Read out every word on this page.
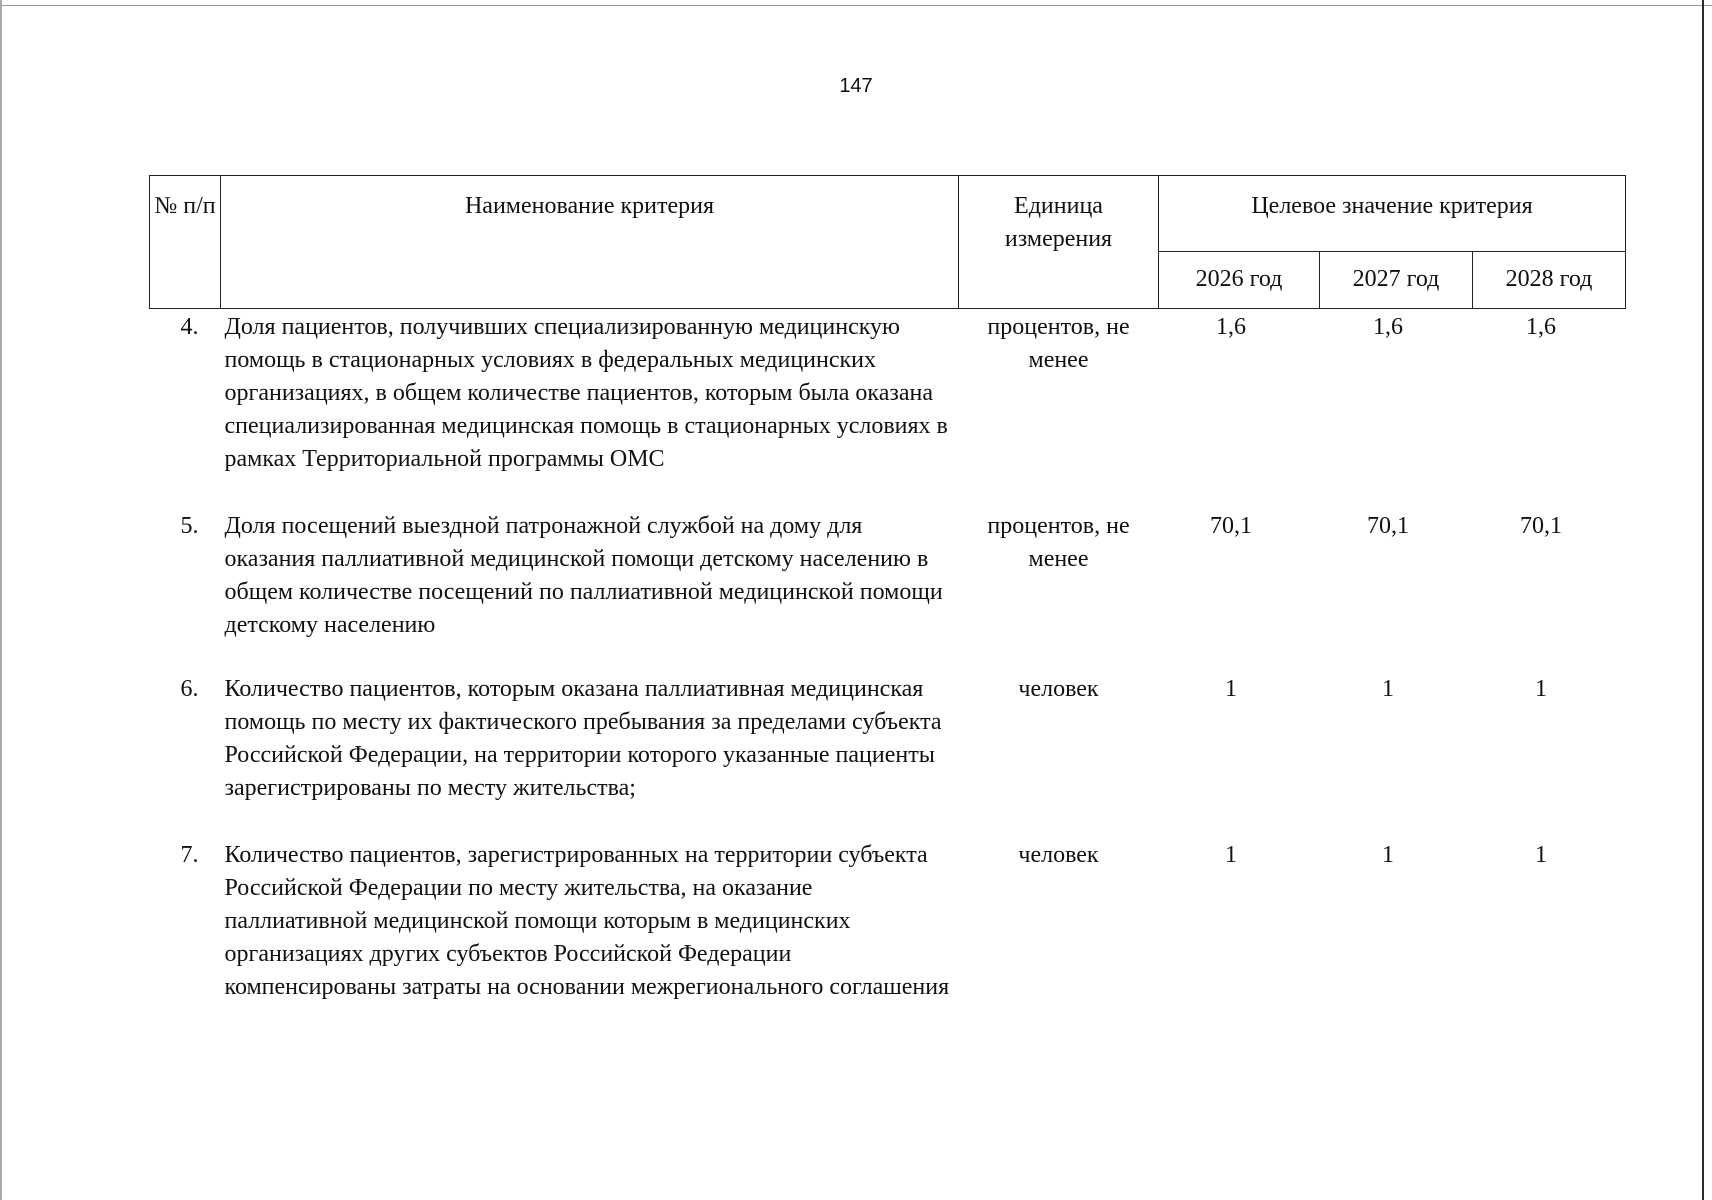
147
№ п/п	Наименование критерия	Единица измерения	Целевое значение критерия		
			2026 год	2027 год	2028 год
4.	Доля пациентов, получивших специализированную медицинскую помощь в стационарных условиях в федеральных медицинских организациях, в общем количестве пациентов, которым была оказана специализированная медицинская помощь в стационарных условиях в рамках Территориальной программы ОМС	процентов, не менее	1,6	1,6	1,6
5.	Доля посещений выездной патронажной службой на дому для оказания паллиативной медицинской помощи детскому населению в общем количестве посещений по паллиативной медицинской помощи детскому населению	процентов, не менее	70,1	70,1	70,1
6.	Количество пациентов, которым оказана паллиативная медицинская помощь по месту их фактического пребывания за пределами субъекта Российской Федерации, на территории которого указанные пациенты зарегистрированы по месту жительства;	человек	1	1	1
7.	Количество пациентов, зарегистрированных на территории субъекта Российской Федерации по месту жительства, на оказание паллиативной медицинской помощи которым в медицинских организациях других субъектов Российской Федерации компенсированы затраты на основании межрегионального соглашения	человек	1	1	1
